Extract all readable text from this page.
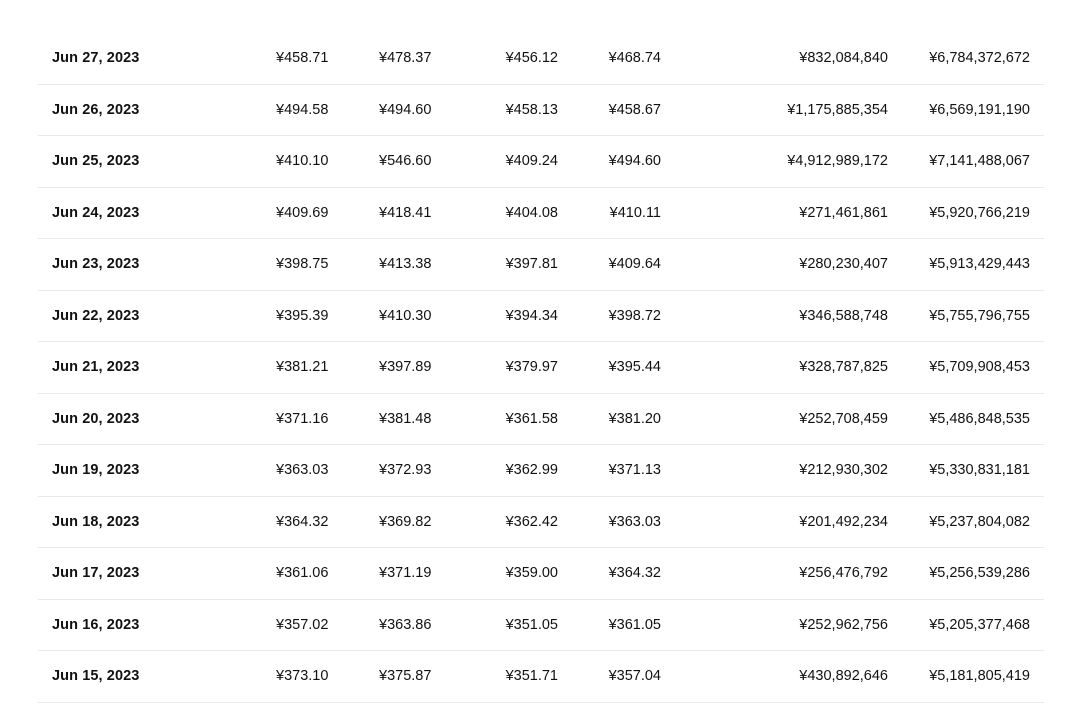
Jun 27, 2023	¥458.71	¥478.37	¥456.12	¥468.74	¥832,084,840	¥6,784,372,672
Jun 26, 2023	¥494.58	¥494.60	¥458.13	¥458.67	¥1,175,885,354	¥6,569,191,190
Jun 25, 2023	¥410.10	¥546.60	¥409.24	¥494.60	¥4,912,989,172	¥7,141,488,067
Jun 24, 2023	¥409.69	¥418.41	¥404.08	¥410.11	¥271,461,861	¥5,920,766,219
Jun 23, 2023	¥398.75	¥413.38	¥397.81	¥409.64	¥280,230,407	¥5,913,429,443
Jun 22, 2023	¥395.39	¥410.30	¥394.34	¥398.72	¥346,588,748	¥5,755,796,755
Jun 21, 2023	¥381.21	¥397.89	¥379.97	¥395.44	¥328,787,825	¥5,709,908,453
Jun 20, 2023	¥371.16	¥381.48	¥361.58	¥381.20	¥252,708,459	¥5,486,848,535
Jun 19, 2023	¥363.03	¥372.93	¥362.99	¥371.13	¥212,930,302	¥5,330,831,181
Jun 18, 2023	¥364.32	¥369.82	¥362.42	¥363.03	¥201,492,234	¥5,237,804,082
Jun 17, 2023	¥361.06	¥371.19	¥359.00	¥364.32	¥256,476,792	¥5,256,539,286
Jun 16, 2023	¥357.02	¥363.86	¥351.05	¥361.05	¥252,962,756	¥5,205,377,468
Jun 15, 2023	¥373.10	¥375.87	¥351.71	¥357.04	¥430,892,646	¥5,181,805,419
